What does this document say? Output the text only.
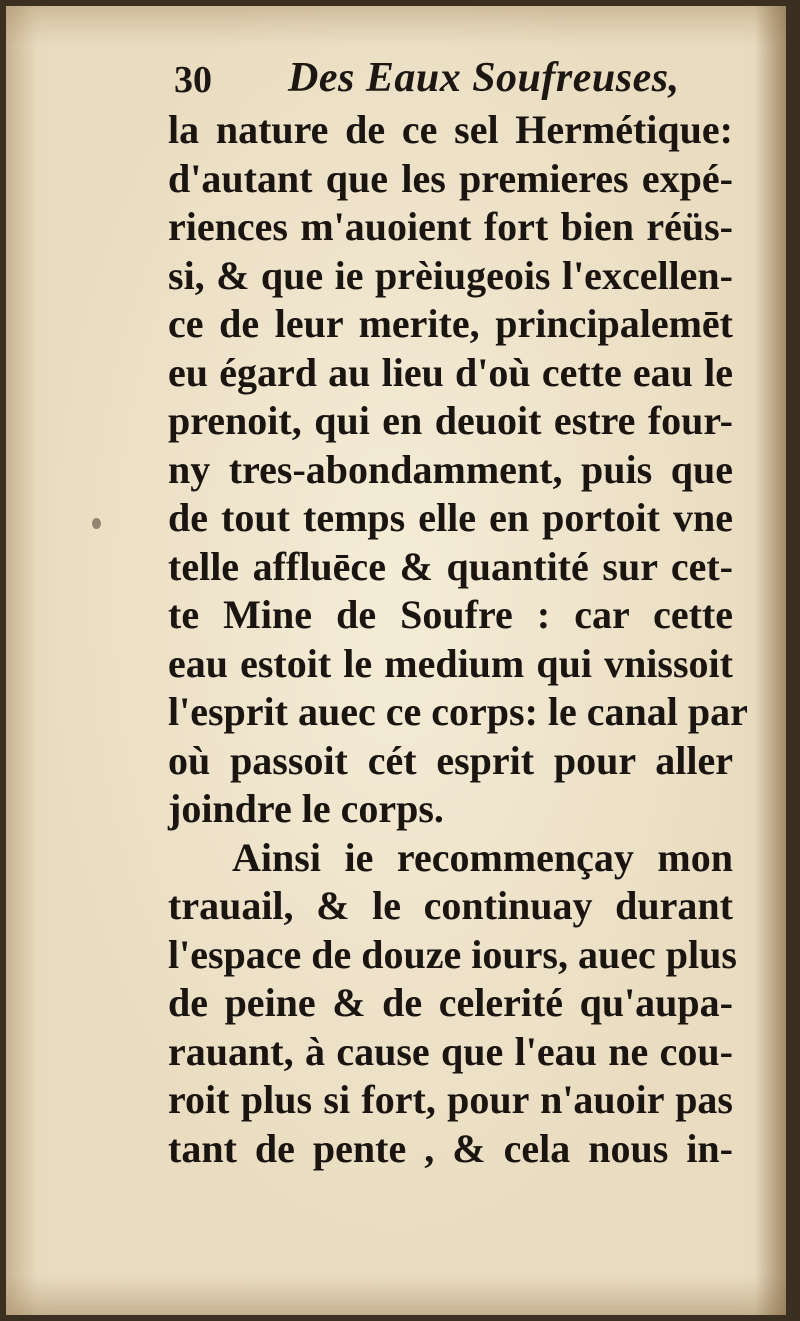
30 Des Eaux Soufreuses,
la nature de ce sel Hermétique:
d'autant que les premieres expé-
riences m'auoient fort bien réüs-
si, & que ie prèiugeois l'excellen-
ce de leur merite, principalemēt
eu égard au lieu d'où cette eau le
prenoit, qui en deuoit estre four-
ny tres-abondamment, puis que
de tout temps elle en portoit vne
telle affluēce & quantité sur cet-
te Mine de Soufre : car cette
eau estoit le medium qui vnissoit
l'esprit auec ce corps: le canal par
où passoit cét esprit pour aller
joindre le corps.
Ainsi ie recommençay mon
trauail, & le continuay durant
l'espace de douze iours, auec plus
de peine & de celerité qu'aupa-
rauant, à cause que l'eau ne cou-
roit plus si fort, pour n'auoir pas
tant de pente , & cela nous in-
